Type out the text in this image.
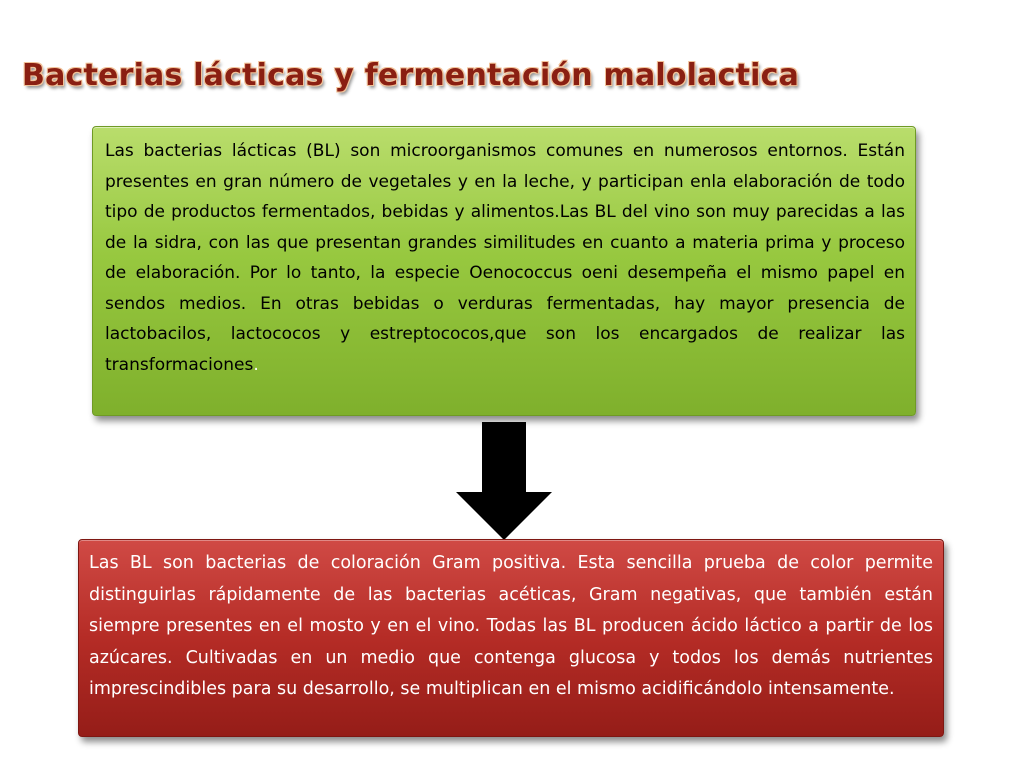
Bacterias lácticas y fermentación malolactica
Las bacterias lácticas (BL) son microorganismos comunes en numerosos entornos. Están presentes en gran número de vegetales y en la leche, y participan enla elaboración de todo tipo de productos fermentados, bebidas y alimentos.Las BL del vino son muy parecidas a las de la sidra, con las que presentan grandes similitudes en cuanto a materia prima y proceso de elaboración. Por lo tanto, la especie Oenococcus oeni desempeña el mismo papel en sendos medios. En otras bebidas o verduras fermentadas, hay mayor presencia de lactobacilos, lactococos y estreptococos,que son los encargados de realizar las transformaciones.
Las BL son bacterias de coloración Gram positiva. Esta sencilla prueba de color permite distinguirlas rápidamente de las bacterias acéticas, Gram negativas, que también están siempre presentes en el mosto y en el vino. Todas las BL producen ácido láctico a partir de los azúcares. Cultivadas en un medio que contenga glucosa y todos los demás nutrientes imprescindibles para su desarrollo, se multiplican en el mismo acidificándolo intensamente.
